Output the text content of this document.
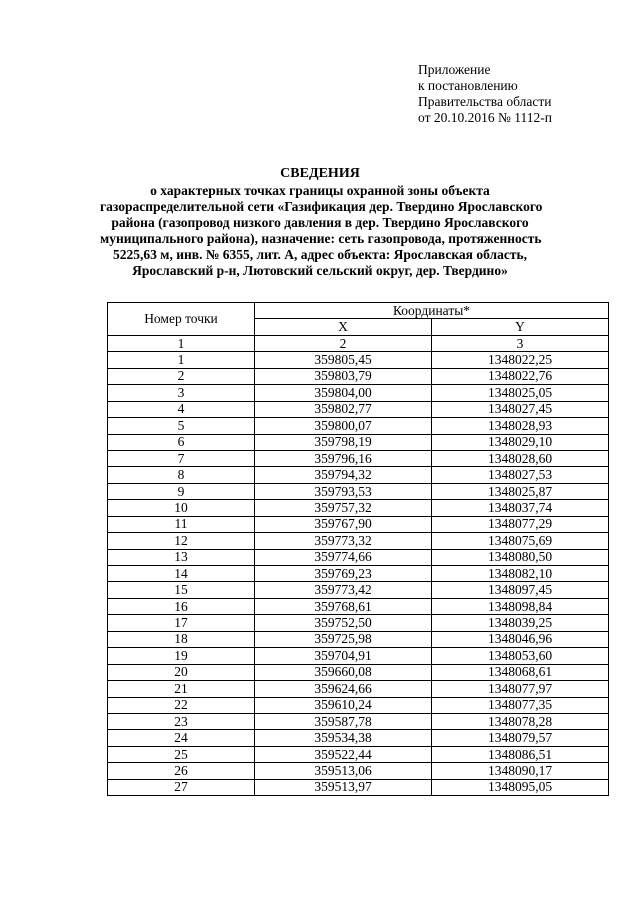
Приложение
к постановлению
Правительства области
от 20.10.2016 № 1112-п
СВЕДЕНИЯ
о характерных точках границы охранной зоны объекта
газораспределительной сети «Газификация дер. Твердино Ярославского
района (газопровод низкого давления в дер. Твердино Ярославского
муниципального района), назначение: сеть газопровода, протяженность
5225,63 м, инв. № 6355, лит. А, адрес объекта: Ярославская область,
Ярославский р-н, Лютовский сельский округ, дер. Твердино»
Номер точки	Координаты*	
	X	Y
1	2	3
1	359805,45	1348022,25
2	359803,79	1348022,76
3	359804,00	1348025,05
4	359802,77	1348027,45
5	359800,07	1348028,93
6	359798,19	1348029,10
7	359796,16	1348028,60
8	359794,32	1348027,53
9	359793,53	1348025,87
10	359757,32	1348037,74
11	359767,90	1348077,29
12	359773,32	1348075,69
13	359774,66	1348080,50
14	359769,23	1348082,10
15	359773,42	1348097,45
16	359768,61	1348098,84
17	359752,50	1348039,25
18	359725,98	1348046,96
19	359704,91	1348053,60
20	359660,08	1348068,61
21	359624,66	1348077,97
22	359610,24	1348077,35
23	359587,78	1348078,28
24	359534,38	1348079,57
25	359522,44	1348086,51
26	359513,06	1348090,17
27	359513,97	1348095,05
